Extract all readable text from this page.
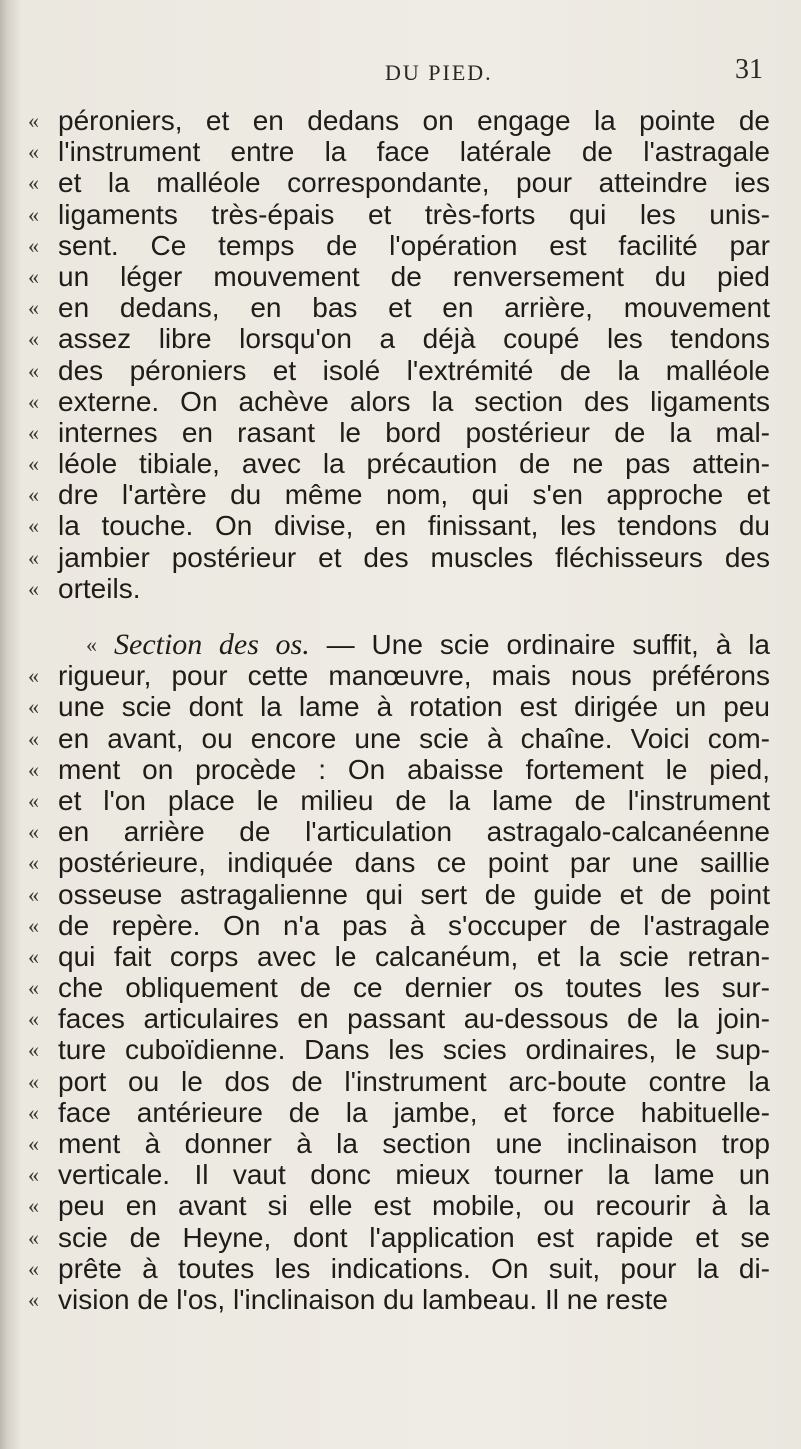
DU PIED.	31
« péroniers, et en dedans on engage la pointe de
« l'instrument entre la face latérale de l'astragale
« et la malléole correspondante, pour atteindre ies
« ligaments très-épais et très-forts qui les unis-
« sent. Ce temps de l'opération est facilité par
« un léger mouvement de renversement du pied
« en dedans, en bas et en arrière, mouvement
« assez libre lorsqu'on a déjà coupé les tendons
« des péroniers et isolé l'extrémité de la malléole
« externe. On achève alors la section des ligaments
« internes en rasant le bord postérieur de la mal-
« léole tibiale, avec la précaution de ne pas attein-
« dre l'artère du même nom, qui s'en approche et
« la touche. On divise, en finissant, les tendons du
« jambier postérieur et des muscles fléchisseurs des
« orteils.
« Section des os. — Une scie ordinaire suffit, à la
« rigueur, pour cette manœuvre, mais nous préférons
« une scie dont la lame à rotation est dirigée un peu
« en avant, ou encore une scie à chaîne. Voici com-
« ment on procède : On abaisse fortement le pied,
« et l'on place le milieu de la lame de l'instrument
« en arrière de l'articulation astragalo-calcanéenne
« postérieure, indiquée dans ce point par une saillie
« osseuse astragalienne qui sert de guide et de point
« de repère. On n'a pas à s'occuper de l'astragale
« qui fait corps avec le calcanéum, et la scie retran-
« che obliquement de ce dernier os toutes les sur-
« faces articulaires en passant au-dessous de la join-
« ture cuboïdienne. Dans les scies ordinaires, le sup-
« port ou le dos de l'instrument arc-boute contre la
« face antérieure de la jambe, et force habituelle-
« ment à donner à la section une inclinaison trop
« verticale. Il vaut donc mieux tourner la lame un
« peu en avant si elle est mobile, ou recourir à la
« scie de Heyne, dont l'application est rapide et se
« prête à toutes les indications. On suit, pour la di-
« vision de l'os, l'inclinaison du lambeau. Il ne reste
